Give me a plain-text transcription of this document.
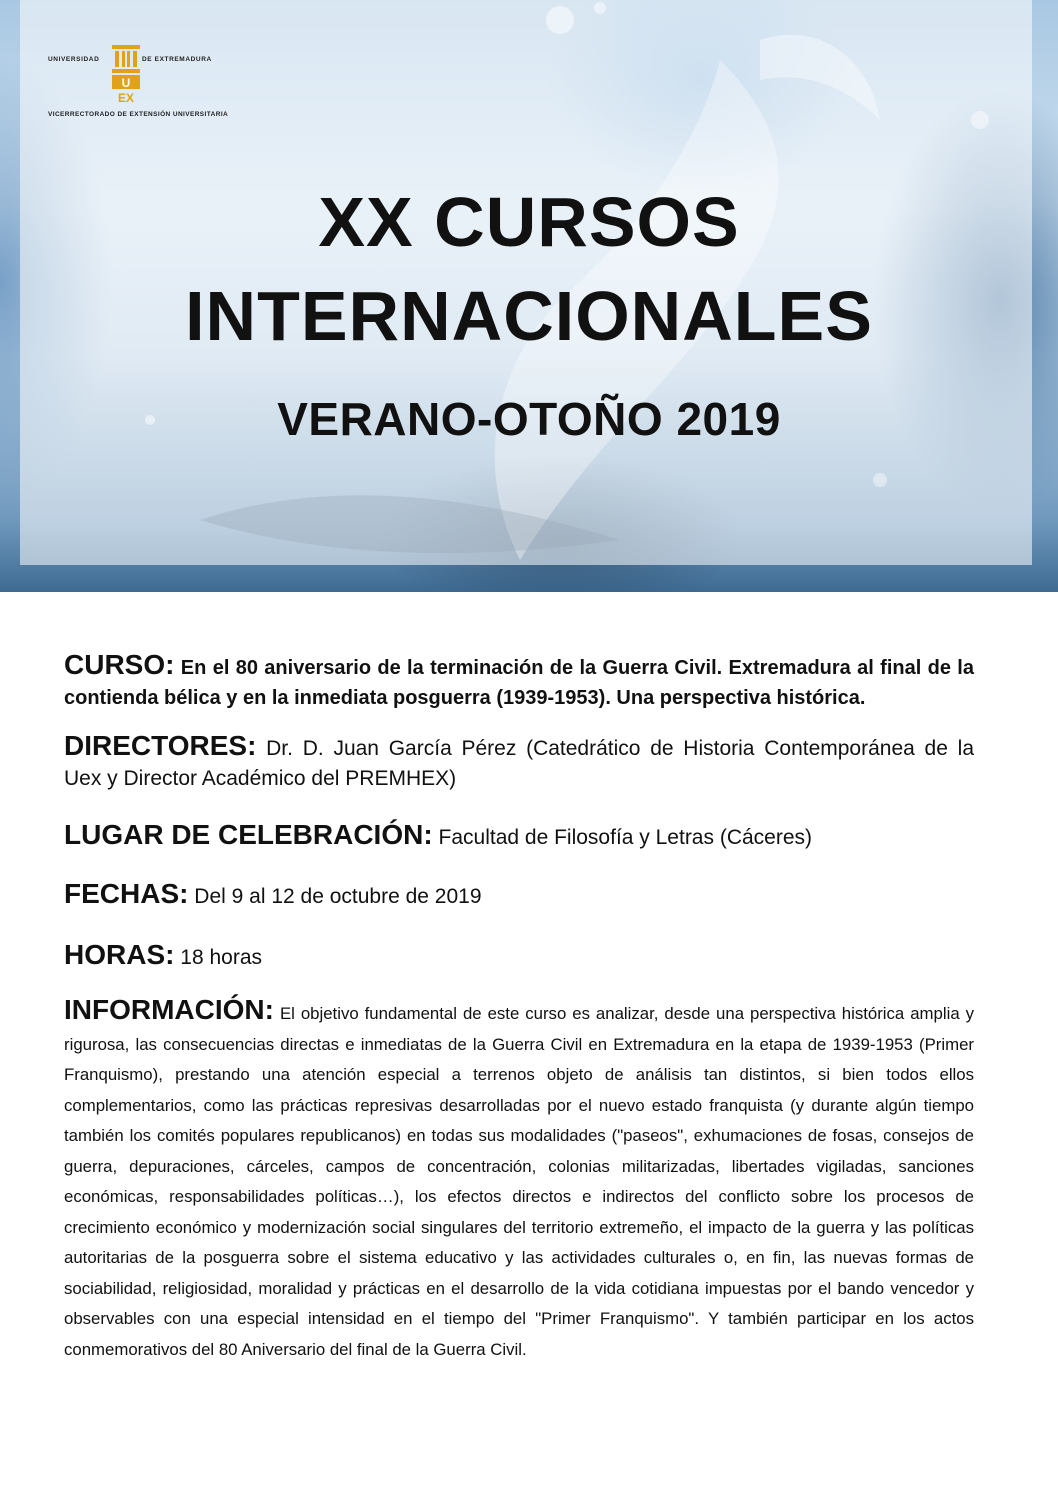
UNIVERSIDAD
U
EX
DE EXTREMADURA
VICERRECTORADO DE EXTENSIÓN UNIVERSITARIA
XX CURSOS
INTERNACIONALES
VERANO-OTOÑO 2019

CURSO: En el 80 aniversario de la terminación de la Guerra Civil. Extremadura al final de la contienda bélica y en la inmediata posguerra (1939-1953). Una perspectiva histórica.

DIRECTORES: Dr. D. Juan García Pérez (Catedrático de Historia Contemporánea de la Uex y Director Académico del PREMHEX)

LUGAR DE CELEBRACIÓN: Facultad de Filosofía y Letras (Cáceres)

FECHAS: Del 9 al 12 de octubre de 2019

HORAS: 18 horas

INFORMACIÓN: El objetivo fundamental de este curso es analizar, desde una perspectiva histórica amplia y rigurosa, las consecuencias directas e inmediatas de la Guerra Civil en Extremadura en la etapa de 1939-1953 (Primer Franquismo), prestando una atención especial a terrenos objeto de análisis tan distintos, si bien todos ellos complementarios, como las prácticas represivas desarrolladas por el nuevo estado franquista (y durante algún tiempo también los comités populares republicanos) en todas sus modalidades ("paseos", exhumaciones de fosas, consejos de guerra, depuraciones, cárceles, campos de concentración, colonias militarizadas, libertades vigiladas, sanciones económicas, responsabilidades políticas…), los efectos directos e indirectos del conflicto sobre los procesos de crecimiento económico y modernización social singulares del territorio extremeño, el impacto de la guerra y las políticas autoritarias de la posguerra sobre el sistema educativo y las actividades culturales o, en fin, las nuevas formas de sociabilidad, religiosidad, moralidad y prácticas en el desarrollo de la vida cotidiana impuestas por el bando vencedor y observables con una especial intensidad en el tiempo del "Primer Franquismo". Y también participar en los actos conmemorativos del 80 Aniversario del final de la Guerra Civil.
